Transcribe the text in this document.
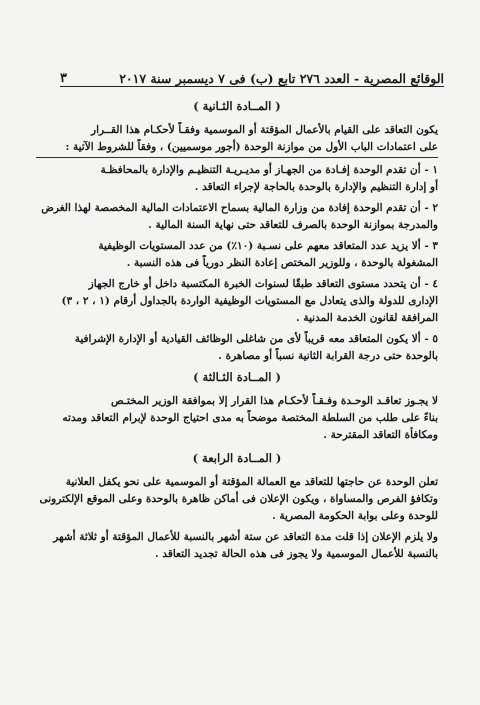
الوقائع المصرية - العدد ٢٧٦ تابع (ب) فى ٧ ديسمبر سنة ٢٠١٧
٣
( المــادة الثـانية )

يكون التعاقد على القيام بالأعمال المؤقتة أو الموسمية وفقـاً لأحكـام هذا القــرار
على اعتمادات الباب الأول من موازنة الوحدة (أجور موسميين) ، وفقاً للشروط الآتية :

١ - أن تقدم الوحدة إفـادة من الجهـاز أو مديـريـة التنظيـم والإدارة بالمحافظـة
أو إدارة التنظيم والإدارة بالوحدة بالحاجة لإجراء التعاقد .

٢ - أن تقدم الوحدة إفادة من وزارة المالية بسماح الاعتمادات المالية المخصصة لهذا الغرض
والمدرجة بموازنة الوحدة بالصرف للتعاقد حتى نهاية السنة المالية .

٣ - ألا يزيد عدد المتعاقد معهم على نسـبة (١٠٪) من عدد المستويات الوظيفية
المشغولة بالوحدة ، وللوزير المختص إعادة النظر دورياً فى هذه النسبة .

٤ - أن يتحدد مستوى التعاقد طبقًا لسنوات الخبرة المكتسبة داخل أو خارج الجهاز
الإدارى للدولة والذى يتعادل مع المستويات الوظيفية الواردة بالجداول أرقام (١ ، ٢ ، ٣)
المرافقة لقانون الخدمة المدنية .

٥ - ألا يكون المتعاقد معه قريباً لأى من شاغلى الوظائف القيادية أو الإدارة الإشرافية
بالوحدة حتى درجة القرابة الثانية نسباً أو مصاهرة .

( المــادة الثـالثة )

لا يجـوز تعاقـد الوحـدة وفـقـاً لأحكـام هذا القرار إلا بموافقة الوزير المختـص
بناءً على طلب من السلطة المختصة موضحاً به مدى احتياج الوحدة لإبرام التعاقد ومدته
ومكافأة التعاقد المقترحة .

( المــادة الرابعة )

تعلن الوحدة عن حاجتها للتعاقد مع العمالة المؤقتة أو الموسمية على نحو يكفل العلانية
وتكافؤ الفرص والمساواة ، ويكون الإعلان فى أماكن ظاهرة بالوحدة وعلى الموقع الإلكترونى
للوحدة وعلى بوابة الحكومة المصرية .

ولا يلزم الإعلان إذا قلت مدة التعاقد عن ستة أشهر بالنسبة للأعمال المؤقتة أو ثلاثة أشهر
بالنسبة للأعمال الموسمية ولا يجوز فى هذه الحالة تجديد التعاقد .
